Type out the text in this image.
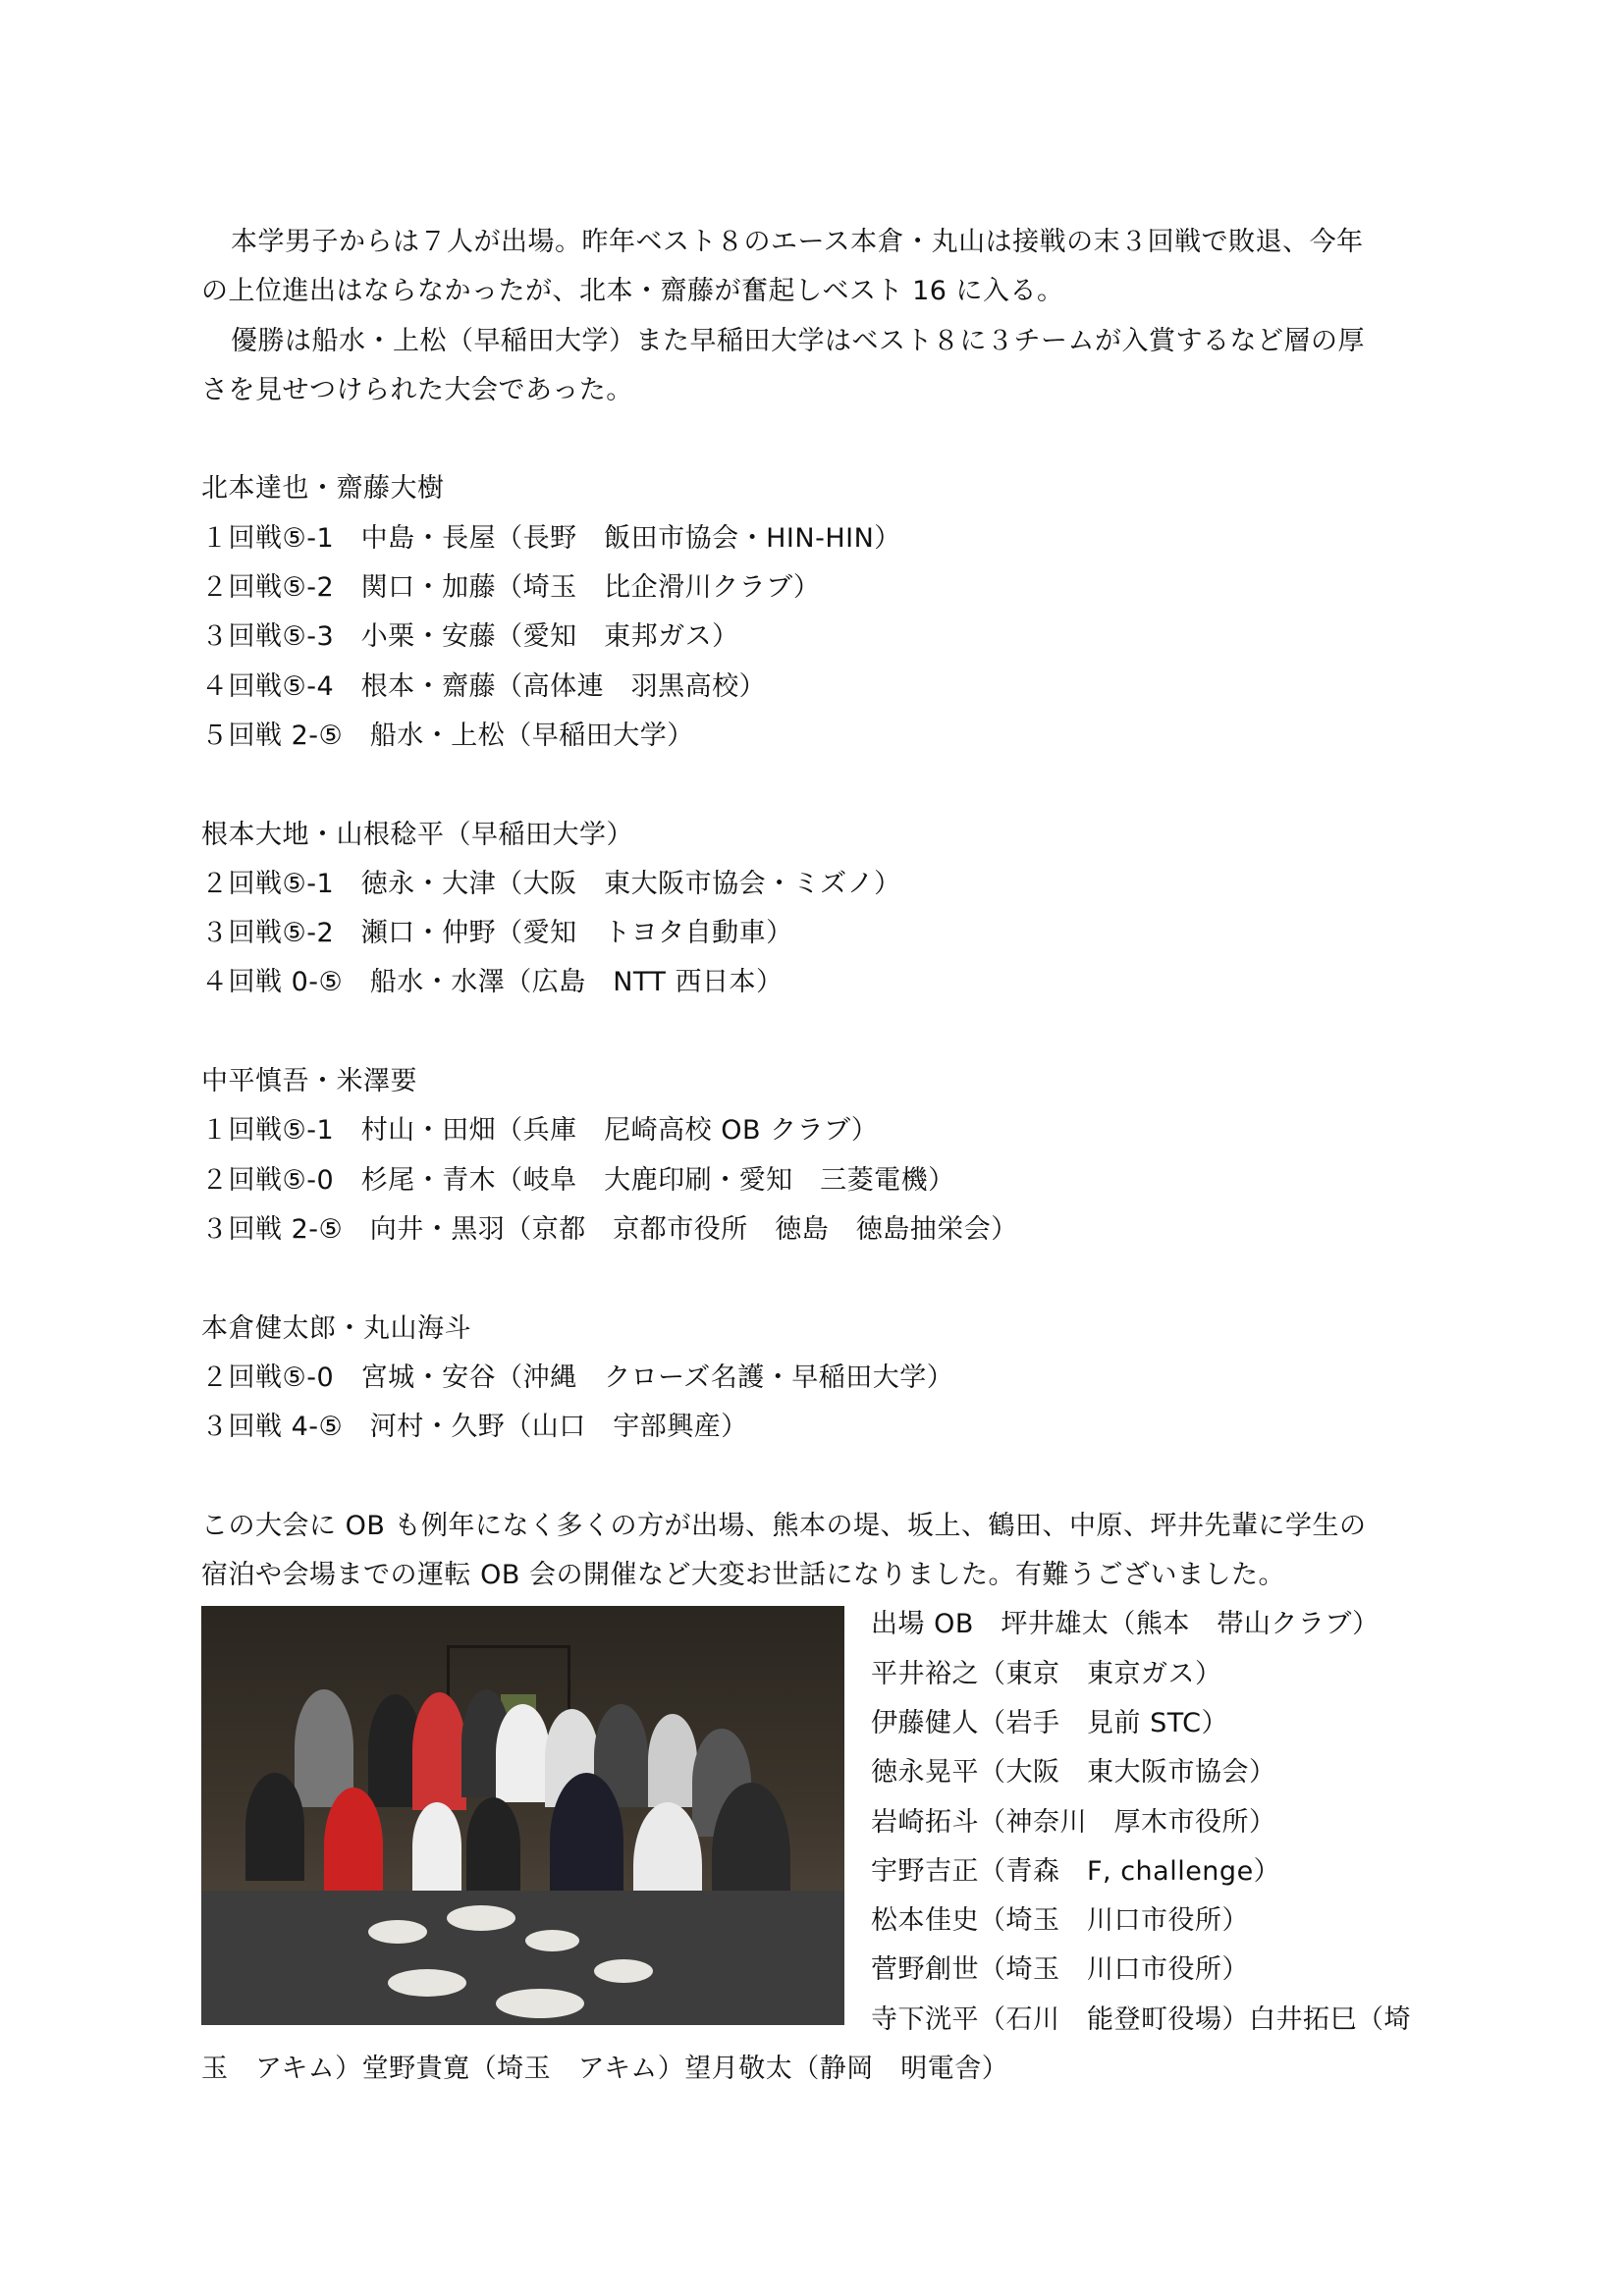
本学男子からは７人が出場。昨年ベスト８のエース本倉・丸山は接戦の末３回戦で敗退、今年
の上位進出はならなかったが、北本・齋藤が奮起しベスト 16 に入る。
優勝は船水・上松（早稲田大学）また早稲田大学はベスト８に３チームが入賞するなど層の厚
さを見せつけられた大会であった。
北本達也・齋藤大樹
１回戦⑤-1　中島・長屋（長野　飯田市協会・HIN-HIN）
２回戦⑤-2　関口・加藤（埼玉　比企滑川クラブ）
３回戦⑤-3　小栗・安藤（愛知　東邦ガス）
４回戦⑤-4　根本・齋藤（高体連　羽黒高校）
５回戦 2-⑤　船水・上松（早稲田大学）
根本大地・山根稔平（早稲田大学）
２回戦⑤-1　徳永・大津（大阪　東大阪市協会・ミズノ）
３回戦⑤-2　瀬口・仲野（愛知　トヨタ自動車）
４回戦 0-⑤　船水・水澤（広島　NTT 西日本）
中平慎吾・米澤要
１回戦⑤-1　村山・田畑（兵庫　尼崎高校 OB クラブ）
２回戦⑤-0　杉尾・青木（岐阜　大鹿印刷・愛知　三菱電機）
３回戦 2-⑤　向井・黒羽（京都　京都市役所　徳島　徳島抽栄会）
本倉健太郎・丸山海斗
２回戦⑤-0　宮城・安谷（沖縄　クローズ名護・早稲田大学）
３回戦 4-⑤　河村・久野（山口　宇部興産）
この大会に OB も例年になく多くの方が出場、熊本の堤、坂上、鶴田、中原、坪井先輩に学生の
宿泊や会場までの運転 OB 会の開催など大変お世話になりました。有難うございました。
出場 OB　坪井雄太（熊本　帯山クラブ）
平井裕之（東京　東京ガス）
伊藤健人（岩手　見前 STC）
徳永晃平（大阪　東大阪市協会）
岩崎拓斗（神奈川　厚木市役所）
宇野吉正（青森　F, challenge）
松本佳史（埼玉　川口市役所）
菅野創世（埼玉　川口市役所）
寺下洸平（石川　能登町役場）白井拓巳（埼
玉　アキム）堂野貴寛（埼玉　アキム）望月敬太（静岡　明電舎）
